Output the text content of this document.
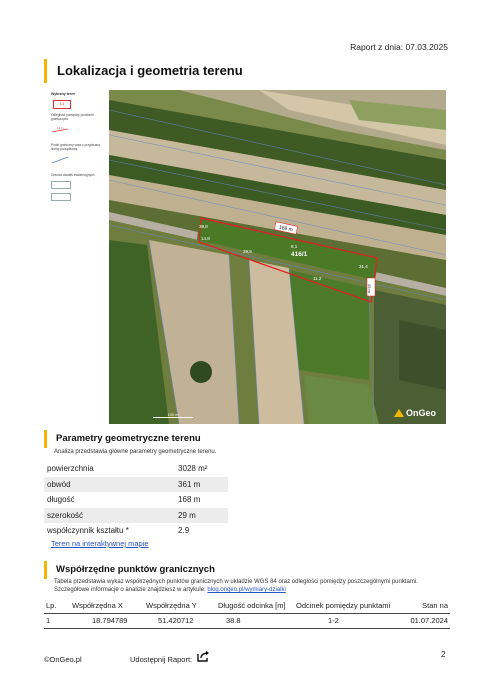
Raport z dnia: 07.03.2025
Lokalizacja i geometria terenu
Wybrany teren
1/1
Odległość pomiędzy punktami granicznymi
11 m
Punkt graniczny wraz z przypisaną liczbą porządkową
Granice działek ewidencyjnych
168 m
29 m
416/1
38,8
14,8
29,9
8,1
11,2
31,4
100 m	OnGeo
Parametry geometryczne terenu
Analiza przedstawia główne parametry geometryczne terenu.
powierzchnia	3028 m²
obwód	361 m
długość	168 m
szerokość	29 m
współczynnik kształtu *	2.9
Teren na interaktywnej mapie
Współrzędne punktów granicznych
Tabela przedstawia wykaz współrzędnych punktów granicznych w układzie WGS 84 oraz odległości pomiędzy poszczególnymi punktami. Szczegółowe informacje o analizie znajdziesz w artykule: blog.ongeo.pl/wymiary-dzialki
Lp.	Współrzędna X	Współrzędna Y	Długość odcinka [m]	Odcinek pomiędzy punktami	Stan na
1	18.794789	51.420712	38.8	1-2	01.07.2024
©OnGeo.pl	Udostępnij Raport:
2
